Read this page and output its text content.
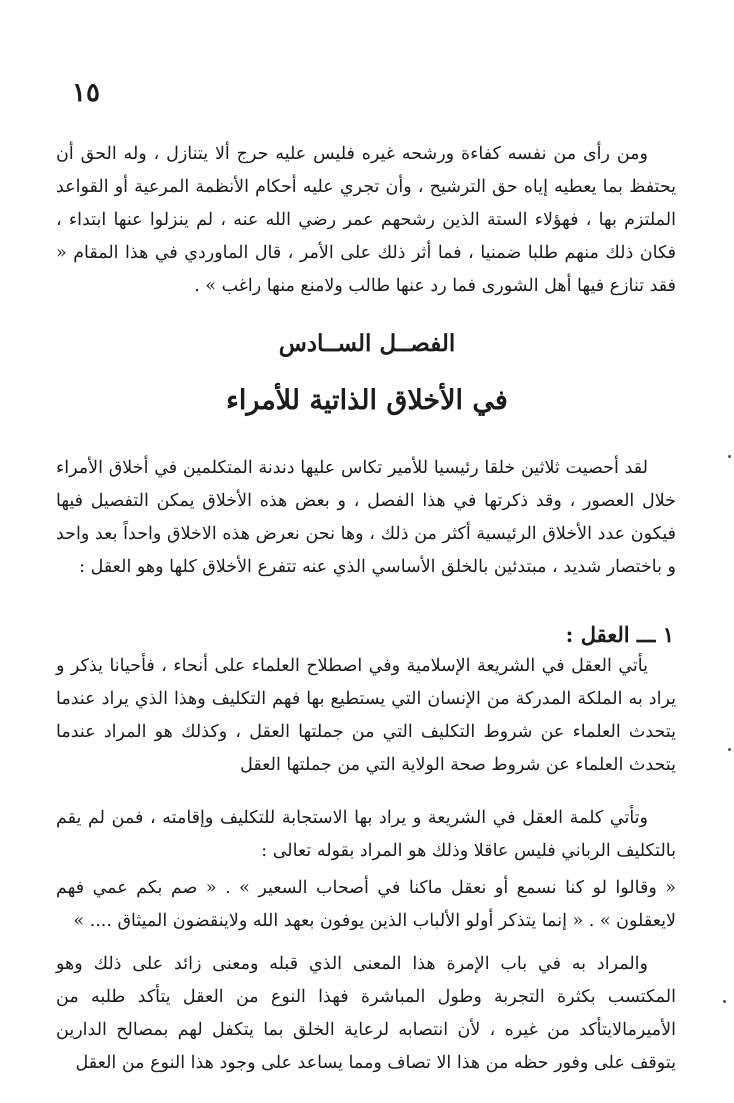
١٥

ومن رأى من نفسه كفاءة ورشحه غيره فليس عليه حرج ألا يتنازل ، وله الحق أن يحتفظ بما يعطيه إياه حق الترشيح ، وأن تجري عليه أحكام الأنظمة المرعية أو القواعد الملتزم بها ، فهؤلاء الستة الذين رشحهم عمر رضي الله عنه ، لم ينزلوا عنها ابتداء ، فكان ذلك منهم طلبا ضمنيا ، فما أثر ذلك على الأمر ، قال الماوردي في هذا المقام « فقد تنازع فيها أهل الشورى فما رد عنها طالب ولامنع منها راغب » .

الفصــل الســادس
في الأخلاق الذاتية للأمراء

لقد أحصيت ثلاثين خلقا رئيسيا للأمير تكاس عليها دندنة المتكلمين في أخلاق الأمراء خلال العصور ، وقد ذكرتها في هذا الفصل ، و بعض هذه الأخلاق يمكن التفصيل فيها فيكون عدد الأخلاق الرئيسية أكثر من ذلك ، وها نحن نعرض هذه الاخلاق واحداً بعد واحد و باختصار شديد ، مبتدئين بالخلق الأساسي الذي عنه تتفرع الأخلاق كلها وهو العقل :

١ ـــ العقل :

يأتي العقل في الشريعة الإسلامية وفي اصطلاح العلماء على أنحاء ، فأحيانا يذكر و يراد به الملكة المدركة من الإنسان التي يستطيع بها فهم التكليف وهذا الذي يراد عندما يتحدث العلماء عن شروط التكليف التي من جملتها العقل ، وكذلك هو المراد عندما يتحدث العلماء عن شروط صحة الولاية التي من جملتها العقل

وتأتي كلمة العقل في الشريعة و يراد بها الاستجابة للتكليف وإقامته ، فمن لم يقم بالتكليف الرباني فليس عاقلا وذلك هو المراد بقوله تعالى :

« وقالوا لو كنا نسمع أو نعقل ماكنا في أصحاب السعير » . « صم بكم عمي فهم لايعقلون » . « إنما يتذكر أولو الألباب الذين يوفون بعهد الله ولاينقضون الميثاق .... »

والمراد به في باب الإمرة هذا المعنى الذي قبله ومعنى زائد على ذلك وهو المكتسب بكثرة التجربة وطول المباشرة فهذا النوع من العقل يتأكد طلبه من الأميرمالايتأكد من غيره ، لأن انتصابه لرعاية الخلق بما يتكفل لهم بمصالح الدارين يتوقف على وفور حظه من هذا الا تصاف ومما يساعد على وجود هذا النوع من العقل
